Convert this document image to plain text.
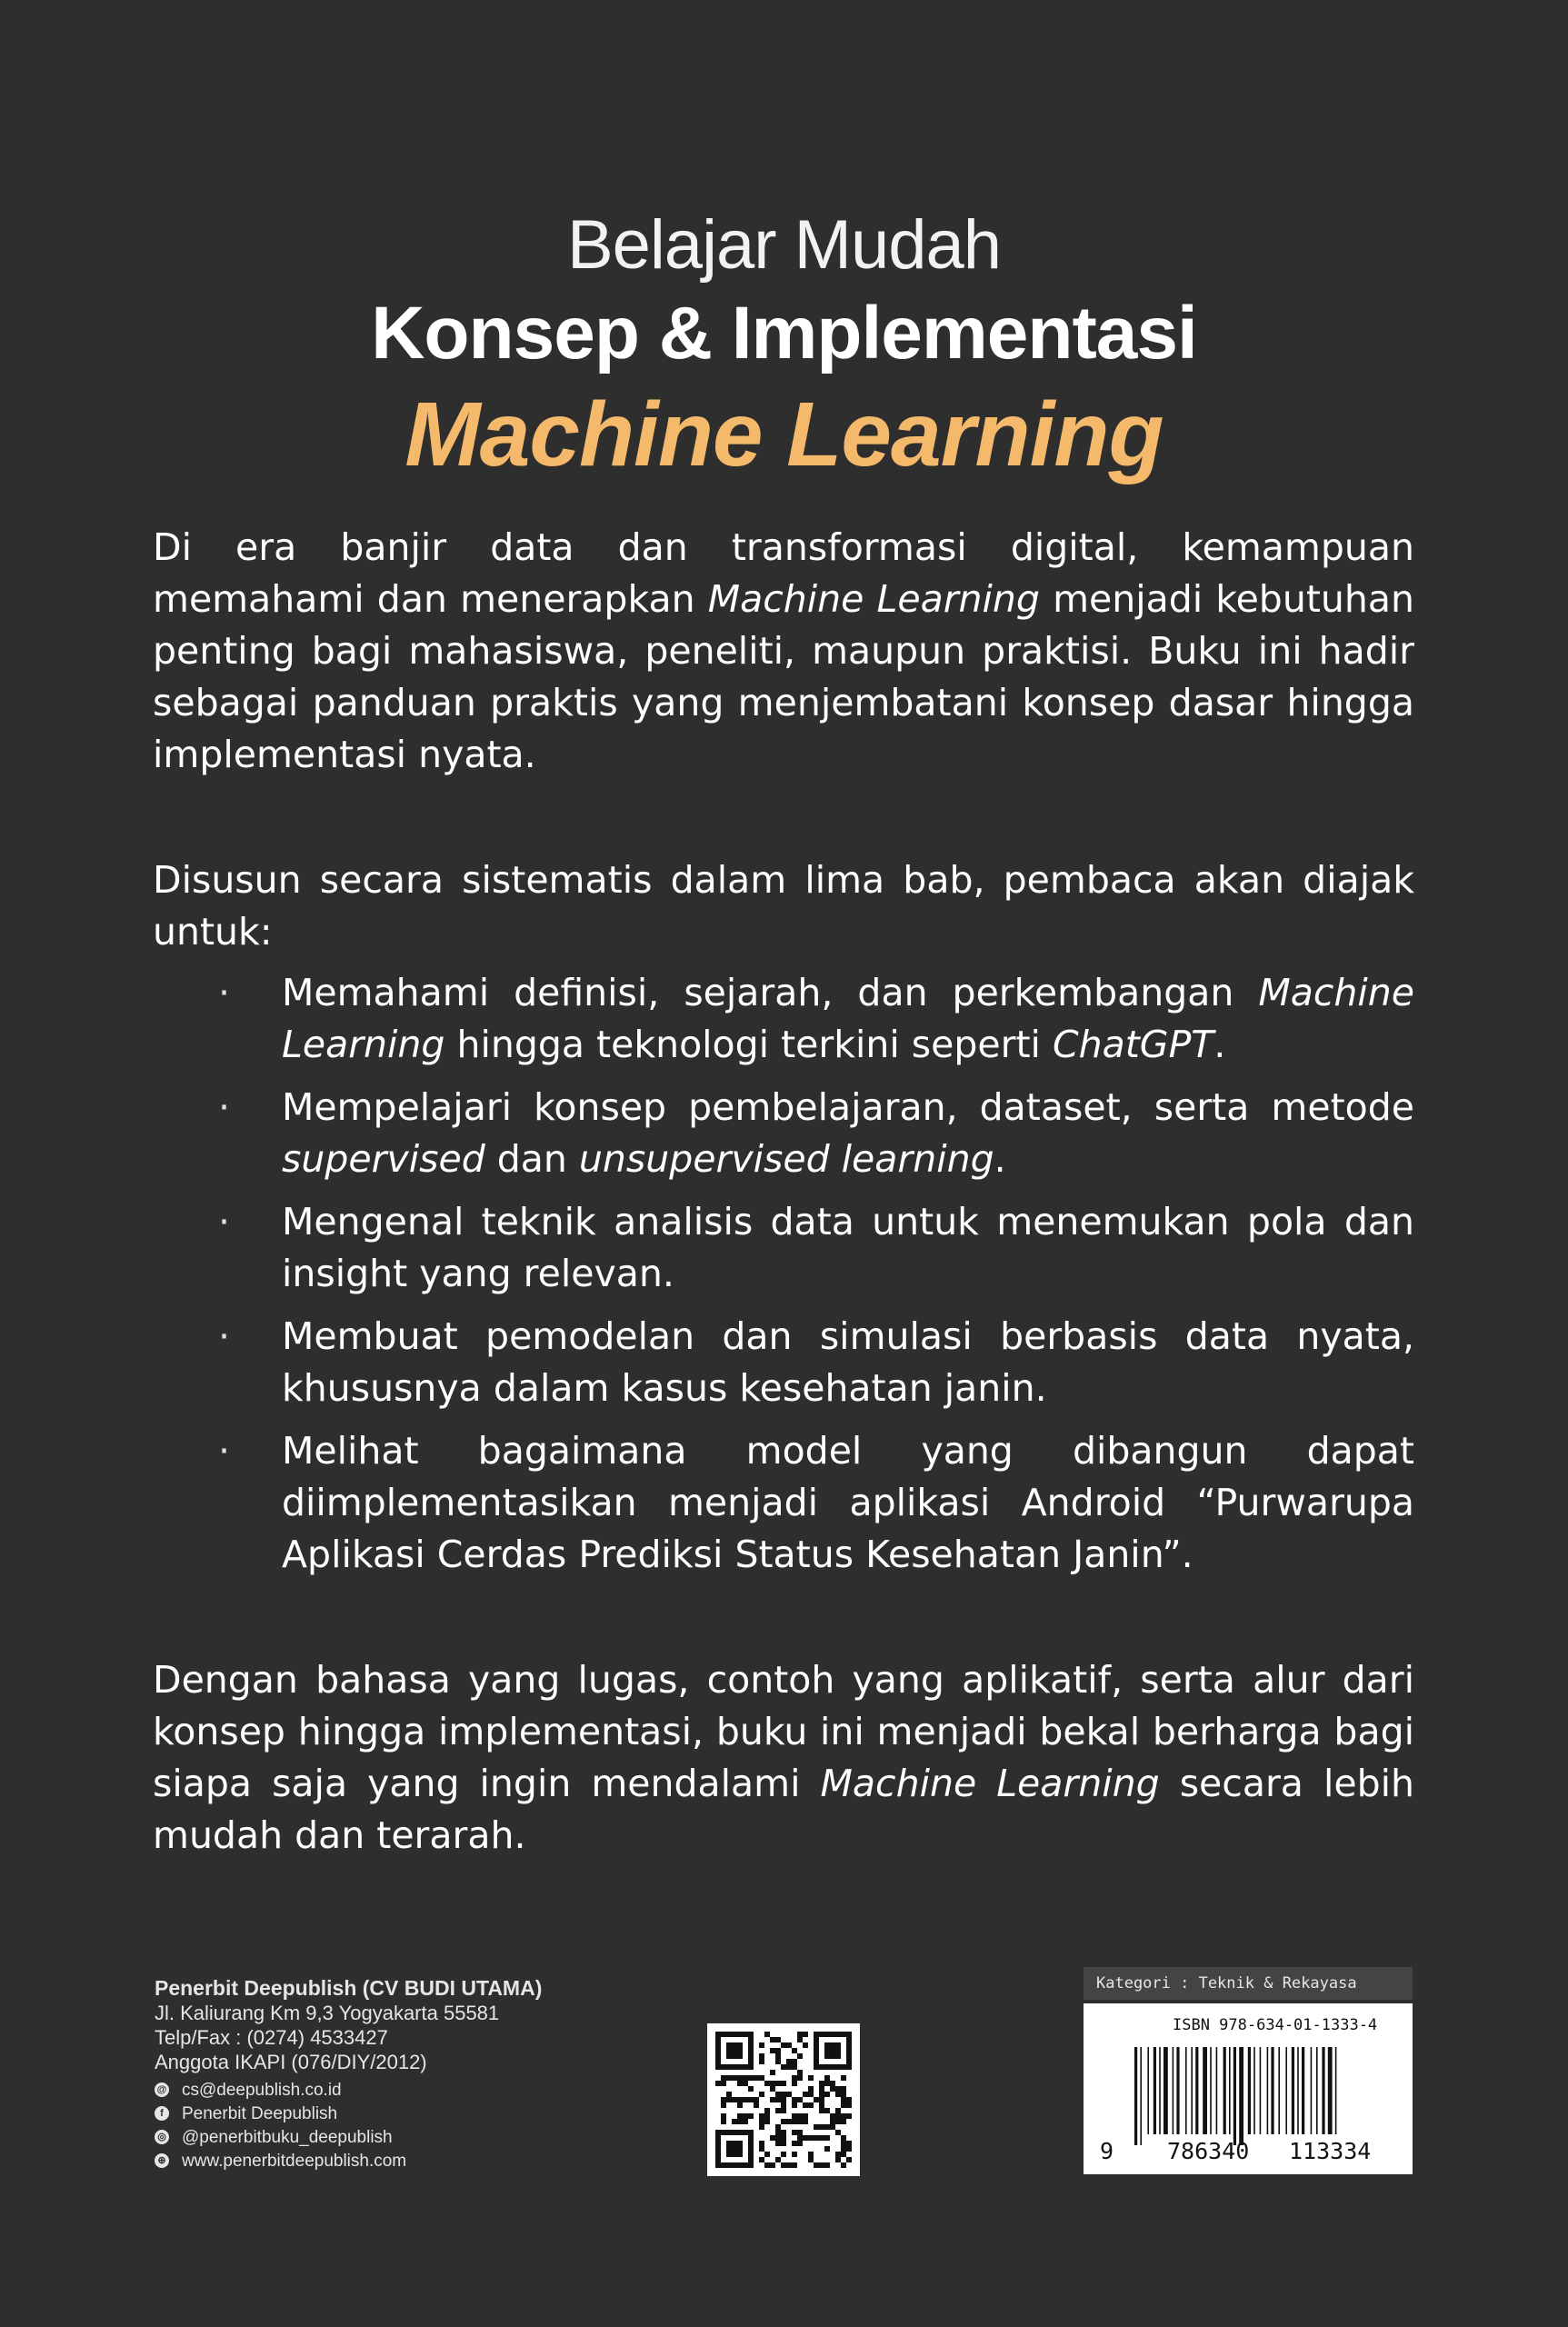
Belajar Mudah
Konsep & Implementasi
Machine Learning

Di era banjir data dan transformasi digital, kemampuan memahami dan menerapkan Machine Learning menjadi kebutuhan penting bagi mahasiswa, peneliti, maupun praktisi. Buku ini hadir sebagai panduan praktis yang menjembatani konsep dasar hingga implementasi nyata.

Disusun secara sistematis dalam lima bab, pembaca akan diajak untuk:

· Memahami definisi, sejarah, dan perkembangan Machine Learning hingga teknologi terkini seperti ChatGPT.
· Mempelajari konsep pembelajaran, dataset, serta metode supervised dan unsupervised learning.
· Mengenal teknik analisis data untuk menemukan pola dan insight yang relevan.
· Membuat pemodelan dan simulasi berbasis data nyata, khususnya dalam kasus kesehatan janin.
· Melihat bagaimana model yang dibangun dapat diimplementasikan menjadi aplikasi Android “Purwarupa Aplikasi Cerdas Prediksi Status Kesehatan Janin”.

Dengan bahasa yang lugas, contoh yang aplikatif, serta alur dari konsep hingga implementasi, buku ini menjadi bekal berharga bagi siapa saja yang ingin mendalami Machine Learning secara lebih mudah dan terarah.

Penerbit Deepublish (CV BUDI UTAMA)
Jl. Kaliurang Km 9,3 Yogyakarta 55581
Telp/Fax : (0274) 4533427
Anggota IKAPI (076/DIY/2012)
@ cs@deepublish.co.id
f	Penerbit Deepublish
◎ @penerbitbuku_deepublish
⊕ www.penerbitdeepublish.com
Kategori : Teknik & Rekayasa
ISBN 978-634-01-1333-4
9 786340 113334
